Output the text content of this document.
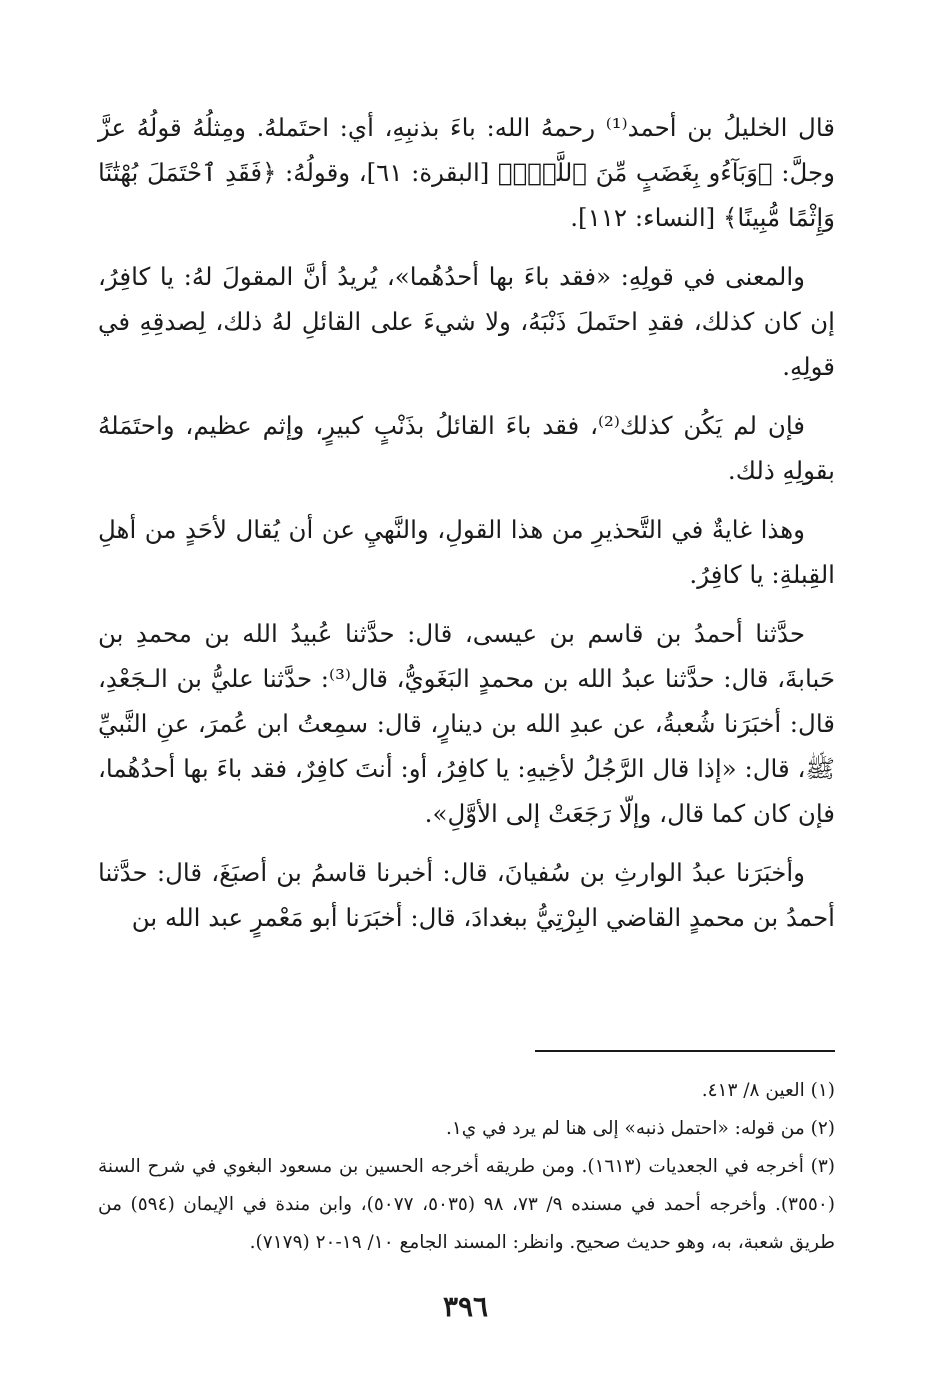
قال الخليلُ بن أحمد⁽¹⁾ رحمهُ الله: باءَ بذنبِهِ، أي: احتَملهُ. ومِثلُهُ قولُهُ عزَّ وجلَّ: ﴿وَبَآءُو بِغَضَبٍ مِّنَ ٱللَّهِۗ﴾ [البقرة: ٦١]، وقولُهُ: ﴿فَقَدِ ٱحْتَمَلَ بُهْتَٰنًا وَإِثْمًا مُّبِينًا﴾ [النساء: ١١٢].

والمعنى في قولِهِ: «فقد باءَ بها أحدُهُما»، يُريدُ أنَّ المقولَ لهُ: يا كافِرُ، إن كان كذلك، فقدِ احتَملَ ذَنْبَهُ، ولا شيءَ على القائلِ لهُ ذلك، لِصدقِهِ في قولِهِ.

فإن لم يَكُن كذلك⁽²⁾، فقد باءَ القائلُ بذَنْبٍ كبيرٍ، وإثم عظيم، واحتَمَلهُ بقولِهِ ذلك.

وهذا غايةٌ في التَّحذيرِ من هذا القولِ، والنَّهيِ عن أن يُقال لأحَدٍ من أهلِ القِبلةِ: يا كافِرُ.

حدَّثنا أحمدُ بن قاسم بن عيسى، قال: حدَّثنا عُبيدُ الله بن محمدِ بن حَبابةَ، قال: حدَّثنا عبدُ الله بن محمدٍ البَغَويُّ، قال⁽³⁾: حدَّثنا عليُّ بن الـجَعْدِ، قال: أخبَرَنا شُعبةُ، عن عبدِ الله بن دينارٍ، قال: سمِعتُ ابن عُمرَ، عنِ النَّبيِّ ﷺ، قال: «إذا قال الرَّجُلُ لأخِيهِ: يا كافِرُ، أو: أنتَ كافِرٌ، فقد باءَ بها أحدُهُما، فإن كان كما قال، وإلّا رَجَعَتْ إلى الأوَّلِ».

وأخبَرَنا عبدُ الوارثِ بن سُفيانَ، قال: أخبرنا قاسمُ بن أصبَغَ، قال: حدَّثنا أحمدُ بن محمدٍ القاضي البِرْتِيُّ ببغدادَ، قال: أخبَرَنا أبو مَعْمرٍ عبد الله بن

(١) العين ٨/ ٤١٣.

(٢) من قوله: «احتمل ذنبه» إلى هنا لم يرد في ي١.

(٣) أخرجه في الجعديات (١٦١٣). ومن طريقه أخرجه الحسين بن مسعود البغوي في شرح السنة (٣٥٥٠). وأخرجه أحمد في مسنده ٩/ ٧٣، ٩٨ (٥٠٣٥، ٥٠٧٧)، وابن مندة في الإيمان (٥٩٤) من طريق شعبة، به، وهو حديث صحيح. وانظر: المسند الجامع ١٠/ ١٩-٢٠ (٧١٧٩).

٣٩٦
